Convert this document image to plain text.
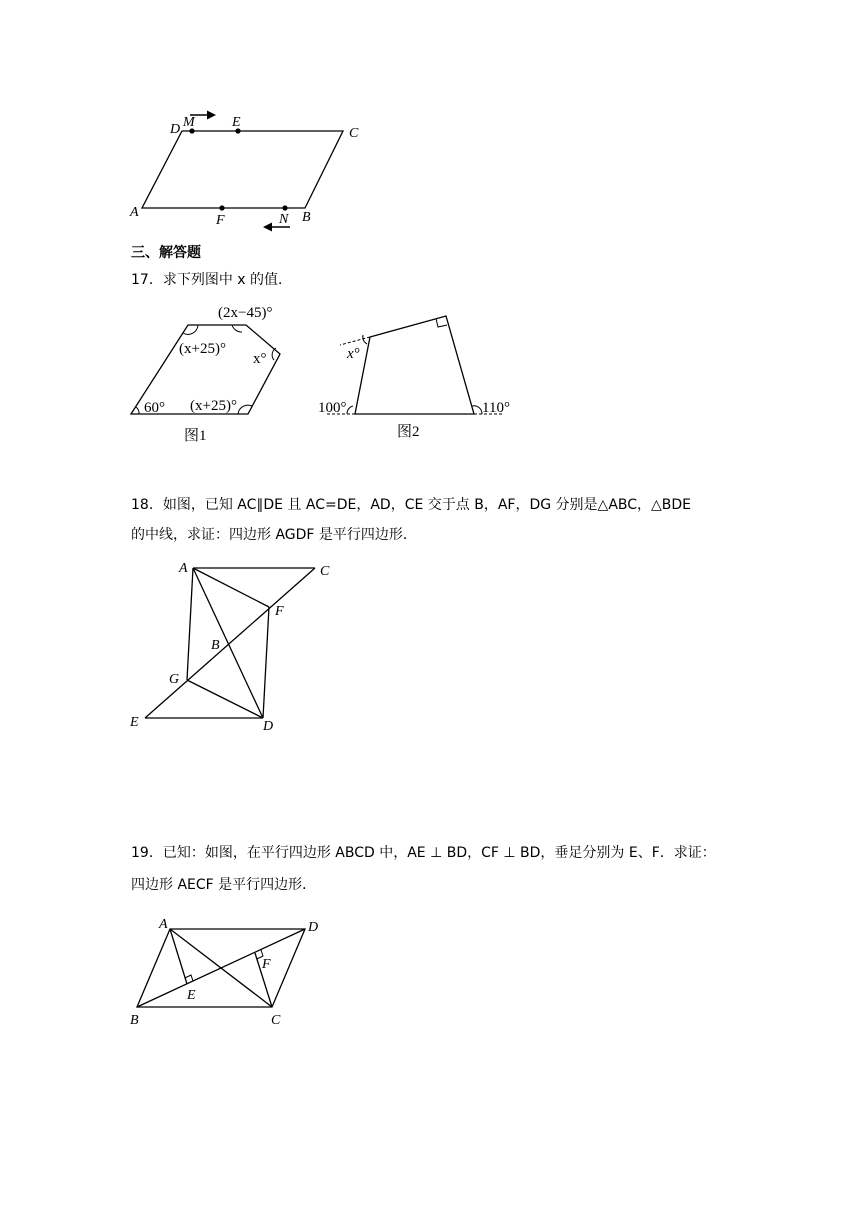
D M	E
C
A
F	N B
三、解答题
17．求下列图中 x 的值．
(2x−45)°
(x+25)°
x°
60° (x+25)°
图1
x°
100°	110°
图2
18．如图，已知 AC∥DE 且 AC=DE，AD，CE 交于点 B，AF，DG 分别是△ABC，△BDE
的中线，求证：四边形 AGDF 是平行四边形．
A	C
F
B
G
E	D
19．已知：如图，在平行四边形 ABCD 中，AE ⊥ BD，CF ⊥ BD，垂足分别为 E、F．求证：
四边形 AECF 是平行四边形．
A	D
F
E
B	C
